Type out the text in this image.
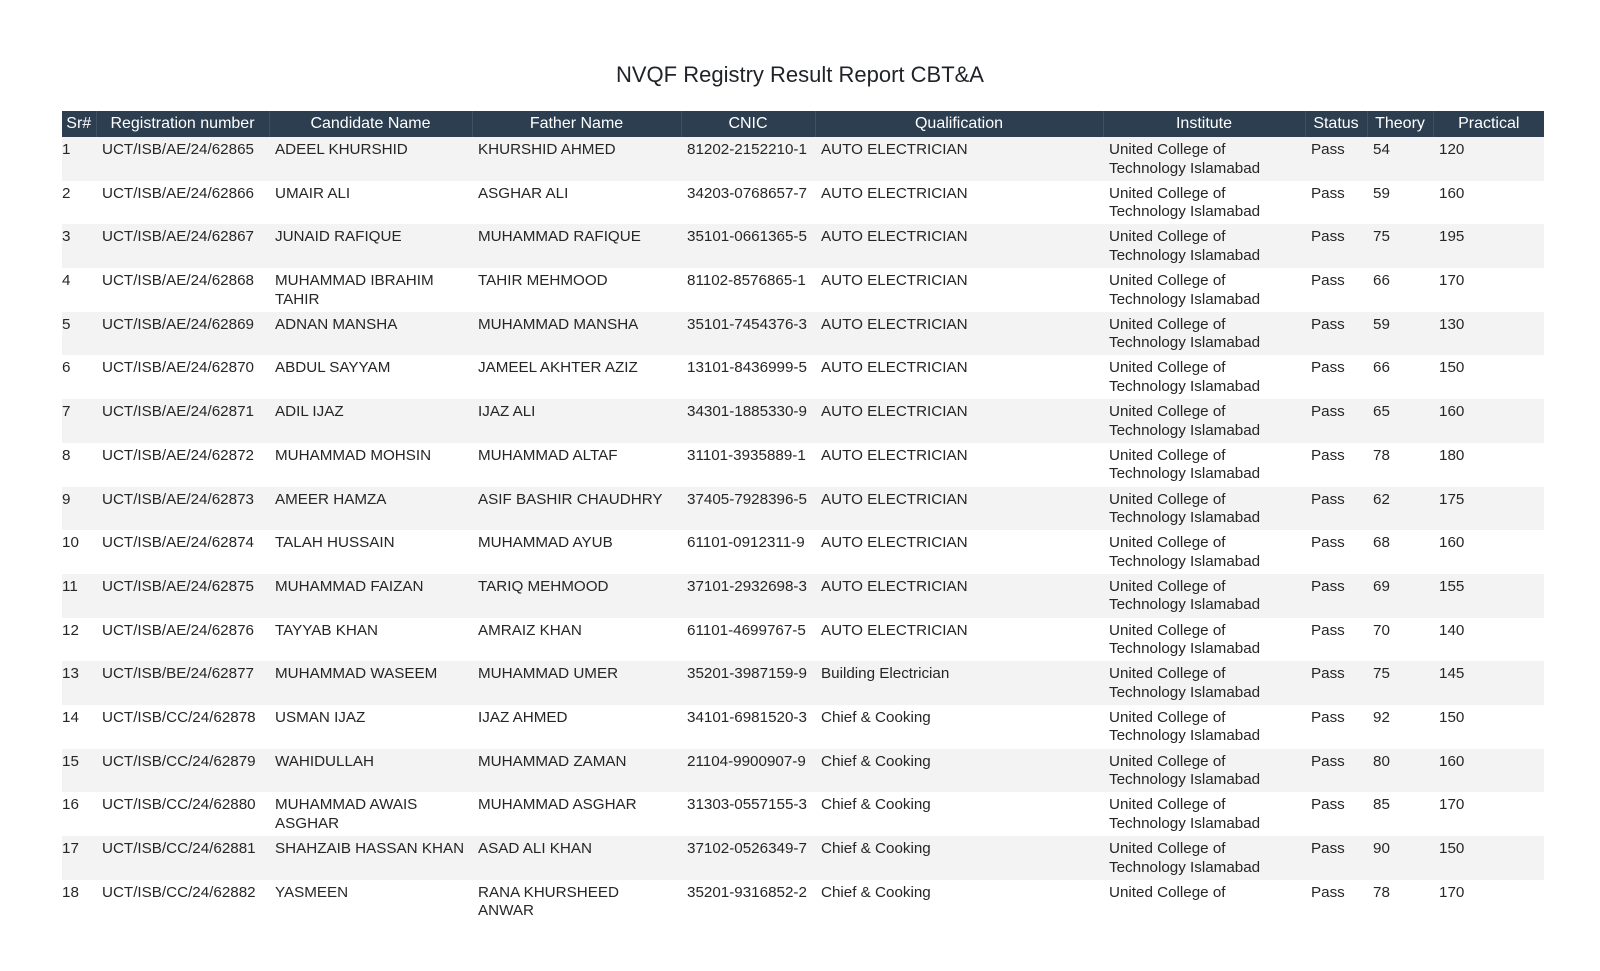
NVQF Registry Result Report CBT&A
Sr#	Registration number	Candidate Name	Father Name	CNIC	Qualification	Institute	Status	Theory	Practical
1	UCT/ISB/AE/24/62865	ADEEL KHURSHID	KHURSHID AHMED	81202-2152210-1	AUTO ELECTRICIAN	United College of Technology Islamabad	Pass	54	120
2	UCT/ISB/AE/24/62866	UMAIR ALI	ASGHAR ALI	34203-0768657-7	AUTO ELECTRICIAN	United College of Technology Islamabad	Pass	59	160
3	UCT/ISB/AE/24/62867	JUNAID RAFIQUE	MUHAMMAD RAFIQUE	35101-0661365-5	AUTO ELECTRICIAN	United College of Technology Islamabad	Pass	75	195
4	UCT/ISB/AE/24/62868	MUHAMMAD IBRAHIM TAHIR	TAHIR MEHMOOD	81102-8576865-1	AUTO ELECTRICIAN	United College of Technology Islamabad	Pass	66	170
5	UCT/ISB/AE/24/62869	ADNAN MANSHA	MUHAMMAD MANSHA	35101-7454376-3	AUTO ELECTRICIAN	United College of Technology Islamabad	Pass	59	130
6	UCT/ISB/AE/24/62870	ABDUL SAYYAM	JAMEEL AKHTER AZIZ	13101-8436999-5	AUTO ELECTRICIAN	United College of Technology Islamabad	Pass	66	150
7	UCT/ISB/AE/24/62871	ADIL IJAZ	IJAZ ALI	34301-1885330-9	AUTO ELECTRICIAN	United College of Technology Islamabad	Pass	65	160
8	UCT/ISB/AE/24/62872	MUHAMMAD MOHSIN	MUHAMMAD ALTAF	31101-3935889-1	AUTO ELECTRICIAN	United College of Technology Islamabad	Pass	78	180
9	UCT/ISB/AE/24/62873	AMEER HAMZA	ASIF BASHIR CHAUDHRY	37405-7928396-5	AUTO ELECTRICIAN	United College of Technology Islamabad	Pass	62	175
10	UCT/ISB/AE/24/62874	TALAH HUSSAIN	MUHAMMAD AYUB	61101-0912311-9	AUTO ELECTRICIAN	United College of Technology Islamabad	Pass	68	160
11	UCT/ISB/AE/24/62875	MUHAMMAD FAIZAN	TARIQ MEHMOOD	37101-2932698-3	AUTO ELECTRICIAN	United College of Technology Islamabad	Pass	69	155
12	UCT/ISB/AE/24/62876	TAYYAB KHAN	AMRAIZ KHAN	61101-4699767-5	AUTO ELECTRICIAN	United College of Technology Islamabad	Pass	70	140
13	UCT/ISB/BE/24/62877	MUHAMMAD WASEEM	MUHAMMAD UMER	35201-3987159-9	Building Electrician	United College of Technology Islamabad	Pass	75	145
14	UCT/ISB/CC/24/62878	USMAN IJAZ	IJAZ AHMED	34101-6981520-3	Chief & Cooking	United College of Technology Islamabad	Pass	92	150
15	UCT/ISB/CC/24/62879	WAHIDULLAH	MUHAMMAD ZAMAN	21104-9900907-9	Chief & Cooking	United College of Technology Islamabad	Pass	80	160
16	UCT/ISB/CC/24/62880	MUHAMMAD AWAIS ASGHAR	MUHAMMAD ASGHAR	31303-0557155-3	Chief & Cooking	United College of Technology Islamabad	Pass	85	170
17	UCT/ISB/CC/24/62881	SHAHZAIB HASSAN KHAN	ASAD ALI KHAN	37102-0526349-7	Chief & Cooking	United College of Technology Islamabad	Pass	90	150
18	UCT/ISB/CC/24/62882	YASMEEN	RANA KHURSHEED ANWAR	35201-9316852-2	Chief & Cooking	United College of	Pass	78	170
